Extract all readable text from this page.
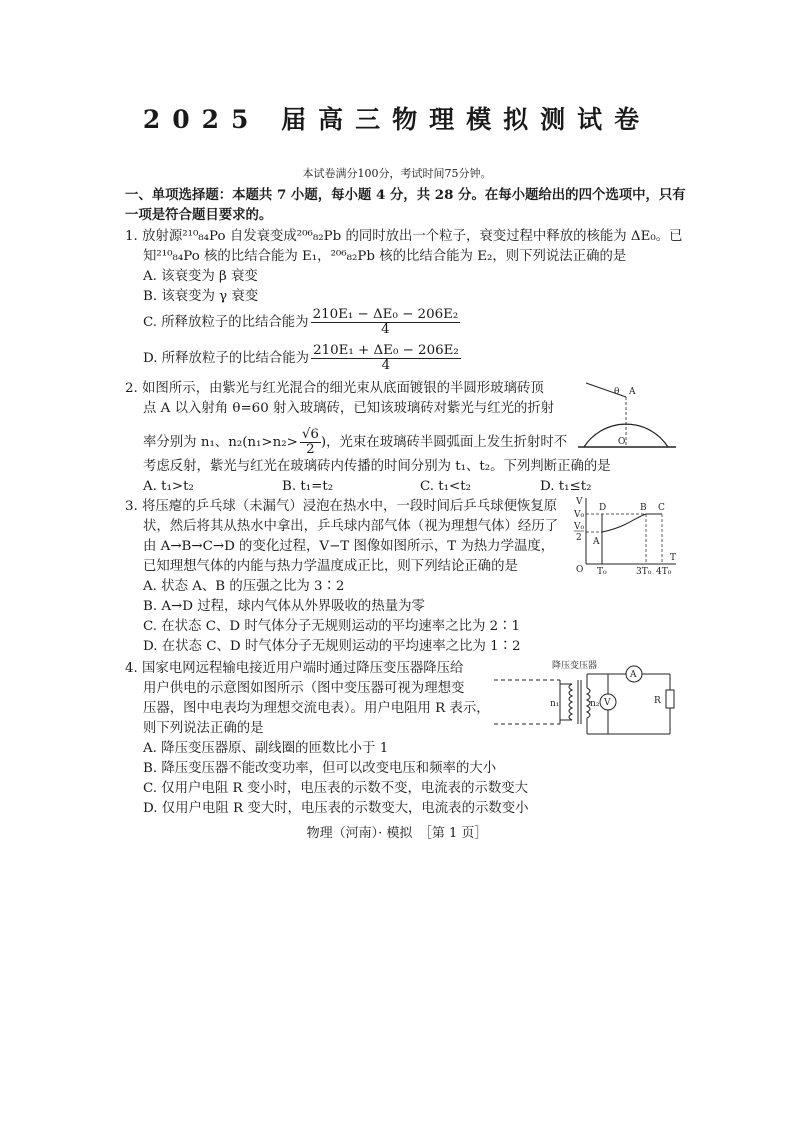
2025 届高三物理模拟测试卷
本试卷满分100分，考试时间75分钟。
一、单项选择题：本题共 7 小题，每小题 4 分，共 28 分。在每小题给出的四个选项中，只有
一项是符合题目要求的。
1. 放射源²¹⁰₈₄Po 自发衰变成²⁰⁶₈₂Pb 的同时放出一个粒子，衰变过程中释放的核能为 ΔE₀。已
知²¹⁰₈₄Po 核的比结合能为 E₁，²⁰⁶₈₂Pb 核的比结合能为 E₂，则下列说法正确的是
A. 该衰变为 β 衰变
B. 该衰变为 γ 衰变
C. 所释放粒子的比结合能为 $\frac{\text{210E₁ − ΔE₀ − 206E₂}}{4}$
D. 所释放粒子的比结合能为 $\frac{\text{210E₁ + ΔE₀ − 206E₂}}{4}$
2. 如图所示，由紫光与红光混合的细光束从底面镀银的半圆形玻璃砖顶
点 A 以入射角 θ=60 射入玻璃砖，已知该玻璃砖对紫光与红光的折射
率分别为 n₁、$n_2(n_1>n_2> \frac{√6}{2}$ )，光束在玻璃砖半圆弧面上发生折射时不
考虑反射，紫光与红光在玻璃砖内传播的时间分别为 t₁、t₂。下列判断正确的是
A. t₁>t₂	B. t₁=t₂	C. t₁<t₂	D. t₁≤t₂
θ A
O
3. 将压瘪的乒乓球（未漏气）浸泡在热水中，一段时间后乒乓球便恢复原
状，然后将其从热水中拿出，乒乓球内部气体（视为理想气体）经历了
由 A→B→C→D 的变化过程，V−T 图像如图所示，T 为热力学温度，
已知理想气体的内能与热力学温度成正比，则下列结论正确的是
A. 状态 A、B 的压强之比为 3∶2
B. A→D 过程，球内气体从外界吸收的热量为零
C. 在状态 C、D 时气体分子无规则运动的平均速率之比为 2∶1
D. 在状态 C、D 时气体分子无规则运动的平均速率之比为 1∶2
V
V₀
V₀
2
D	B C
A
O T₀	3T₀ 4T₀
T
4. 国家电网远程输电接近用户端时通过降压变压器降压给
用户供电的示意图如图所示（图中变压器可视为理想变
压器，图中电表均为理想交流电表）。用户电阻用 R 表示，
则下列说法正确的是
A. 降压变压器原、副线圈的匝数比小于 1
B. 降压变压器不能改变功率，但可以改变电压和频率的大小
C. 仅用户电阻 R 变小时，电压表的示数不变，电流表的示数变大
D. 仅用户电阻 R 变大时，电压表的示数变大，电流表的示数变小
降压变压器
A
R
V
n₁	n₂
物理（河南）· 模拟　［第 1 页］
